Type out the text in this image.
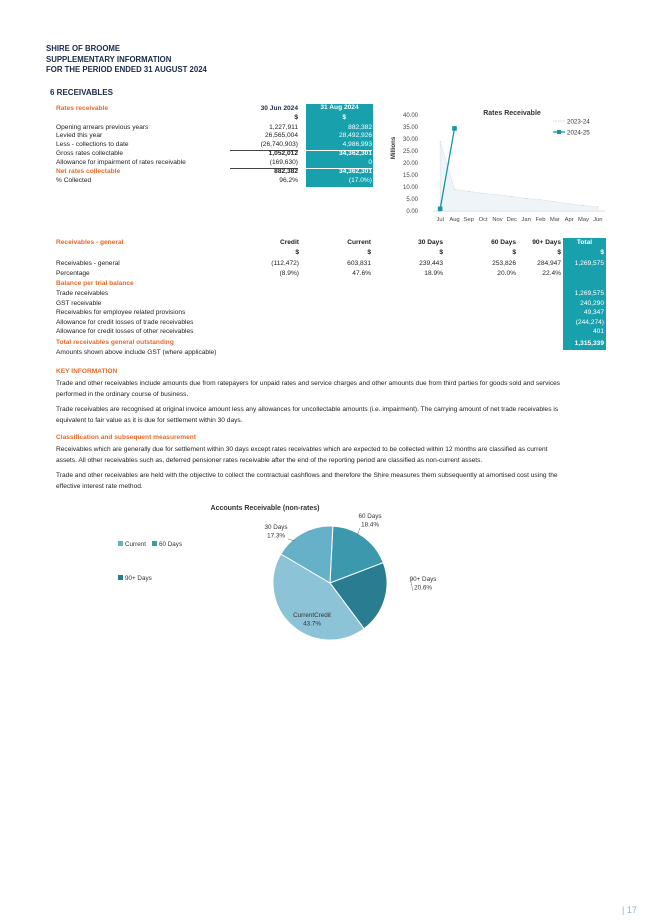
SHIRE OF BROOME
SUPPLEMENTARY INFORMATION
FOR THE PERIOD ENDED 31 AUGUST 2024
6 RECEIVABLES
Rates receivable	30 Jun 2024	31 Aug 2024
$	$
Opening arrears previous years	1,227,911	882,382
Levied this year	26,565,004	28,492,926
Less - collections to date	(26,740,903)	4,986,993
Gross rates collectable	1,052,012	34,362,301
Allowance for impairment of rates receivable	(169,630)	0
Net rates collectable	882,382	34,362,301
% Collected	96.2%	(17.0%)
Rates Receivable
Millions
0.00
5.00
10.00
15.00
20.00
25.00
30.00
35.00
40.00
Jul Aug Sep Oct Nov Dec Jan Feb Mar Apr May Jun
2023-24
2024-25
Receivables - general	Credit	Current	30 Days	60 Days	90+ Days	Total
$	$	$	$	$	$
Receivables - general	(112,472)	603,831	239,443	253,826	284,947	1,269,575
Percentage	(8.9%)	47.6%	18.9%	20.0%	22.4%
Balance per trial balance
Trade receivables	1,269,575
GST receivable	240,290
Receivables for employee related provisions	49,347
Allowance for credit losses of trade receivables	(244,274)
Allowance for credit losses of other receivables	401
Total receivables general outstanding	1,315,339
Amounts shown above include GST (where applicable)
KEY INFORMATION
Trade and other receivables include amounts due from ratepayers for unpaid rates and service charges and other amounts due from third parties for goods sold and services performed in the ordinary course of business.
Trade receivables are recognised at original invoice amount less any allowances for uncollectable amounts (i.e. impairment). The carrying amount of net trade receivables is equivalent to fair value as it is due for settlement within 30 days.
Classification and subsequent measurement
Receivables which are generally due for settlement within 30 days except rates receivables which are expected to be collected within 12 months are classified as current assets. All other receivables such as, deferred pensioner rates receivable after the end of the reporting period are classified as non-current assets.
Trade and other receivables are held with the objective to collect the contractual cashflows and therefore the Shire measures them subsequently at amortised cost using the effective interest rate method.
Accounts Receivable (non-rates)
60 Days
18.4%
90+ Days
20.6%
CurrentCredit
43.7%
30 Days
17.3%
Current 60 Days
90+ Days
| 17
